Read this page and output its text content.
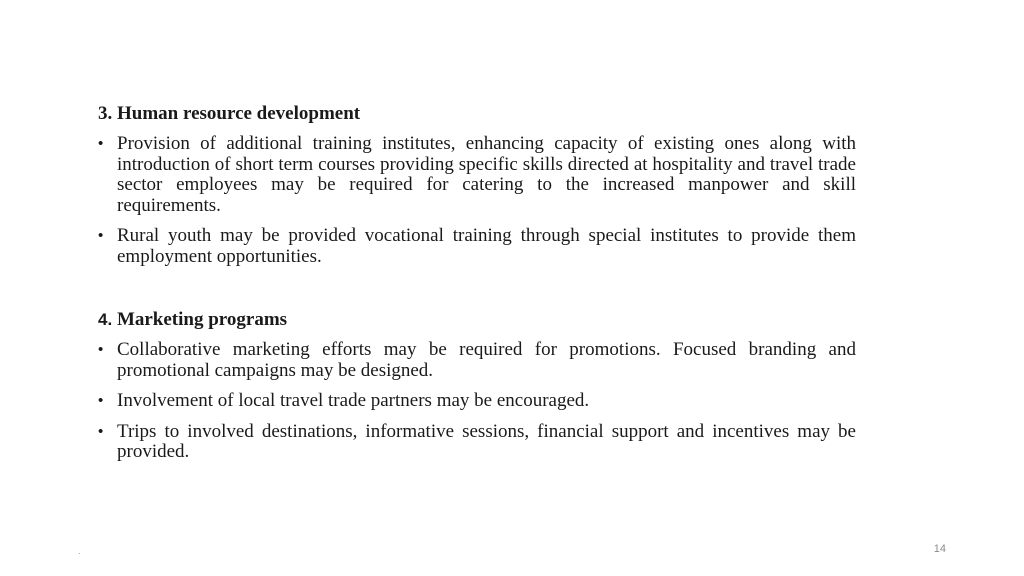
3. Human resource development

• Provision of additional training institutes, enhancing capacity of existing ones along with introduction of short term courses providing specific skills directed at hospitality and travel trade sector employees may be required for catering to the increased manpower and skill requirements.
• Rural youth may be provided vocational training through special institutes to provide them employment opportunities.

4. Marketing programs

• Collaborative marketing efforts may be required for promotions. Focused branding and promotional campaigns may be designed.
• Involvement of local travel trade partners may be encouraged.
• Trips to involved destinations, informative sessions, financial support and incentives may be provided.
.	14
